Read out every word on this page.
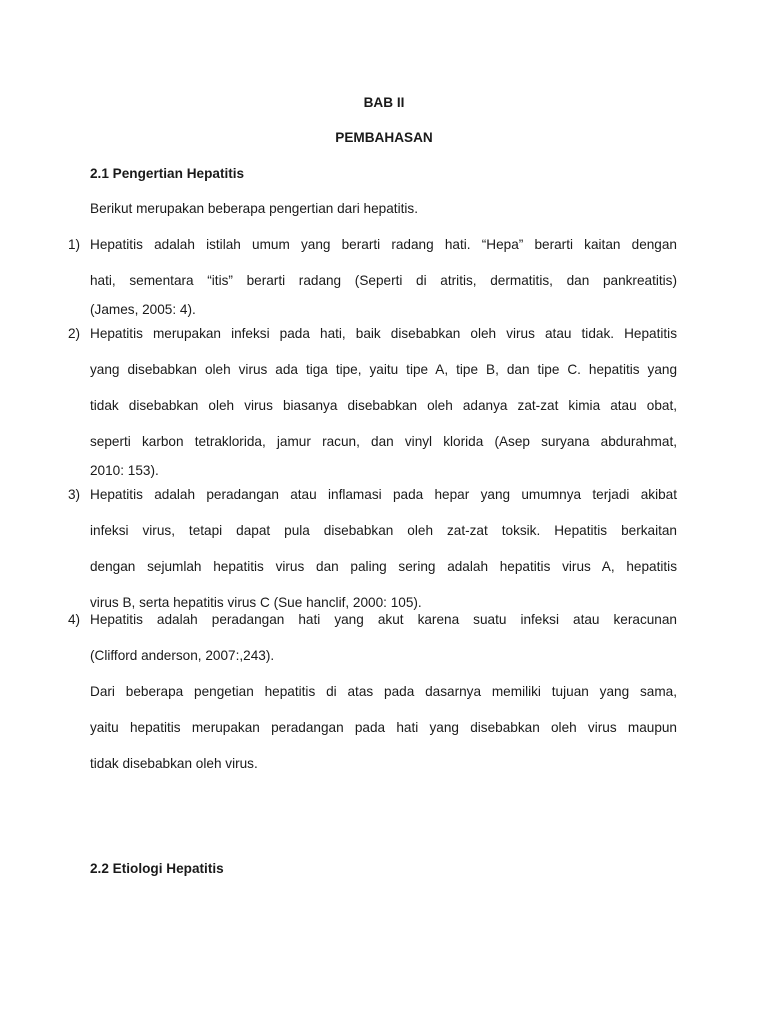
BAB II
PEMBAHASAN
2.1 Pengertian Hepatitis
Berikut merupakan beberapa pengertian dari hepatitis.
1) Hepatitis adalah istilah umum yang berarti radang hati. “Hepa” berarti kaitan dengan
hati, sementara “itis” berarti radang (Seperti di atritis, dermatitis, dan pankreatitis)
(James, 2005: 4).
2) Hepatitis merupakan infeksi pada hati, baik disebabkan oleh virus atau tidak. Hepatitis
yang disebabkan oleh virus ada tiga tipe, yaitu tipe A, tipe B, dan tipe C. hepatitis yang
tidak disebabkan oleh virus biasanya disebabkan oleh adanya zat-zat kimia atau obat,
seperti karbon tetraklorida, jamur racun, dan vinyl klorida (Asep suryana abdurahmat,
2010: 153).
3) Hepatitis adalah peradangan atau inflamasi pada hepar yang umumnya terjadi akibat
infeksi virus, tetapi dapat pula disebabkan oleh zat-zat toksik. Hepatitis berkaitan
dengan sejumlah hepatitis virus dan paling sering adalah hepatitis virus A, hepatitis
virus B, serta hepatitis virus C (Sue hanclif, 2000: 105).
4) Hepatitis adalah peradangan hati yang akut karena suatu infeksi atau keracunan
(Clifford anderson, 2007:,243).
Dari beberapa pengetian hepatitis di atas pada dasarnya memiliki tujuan yang sama,
yaitu hepatitis merupakan peradangan pada hati yang disebabkan oleh virus maupun
tidak disebabkan oleh virus.
2.2 Etiologi Hepatitis
